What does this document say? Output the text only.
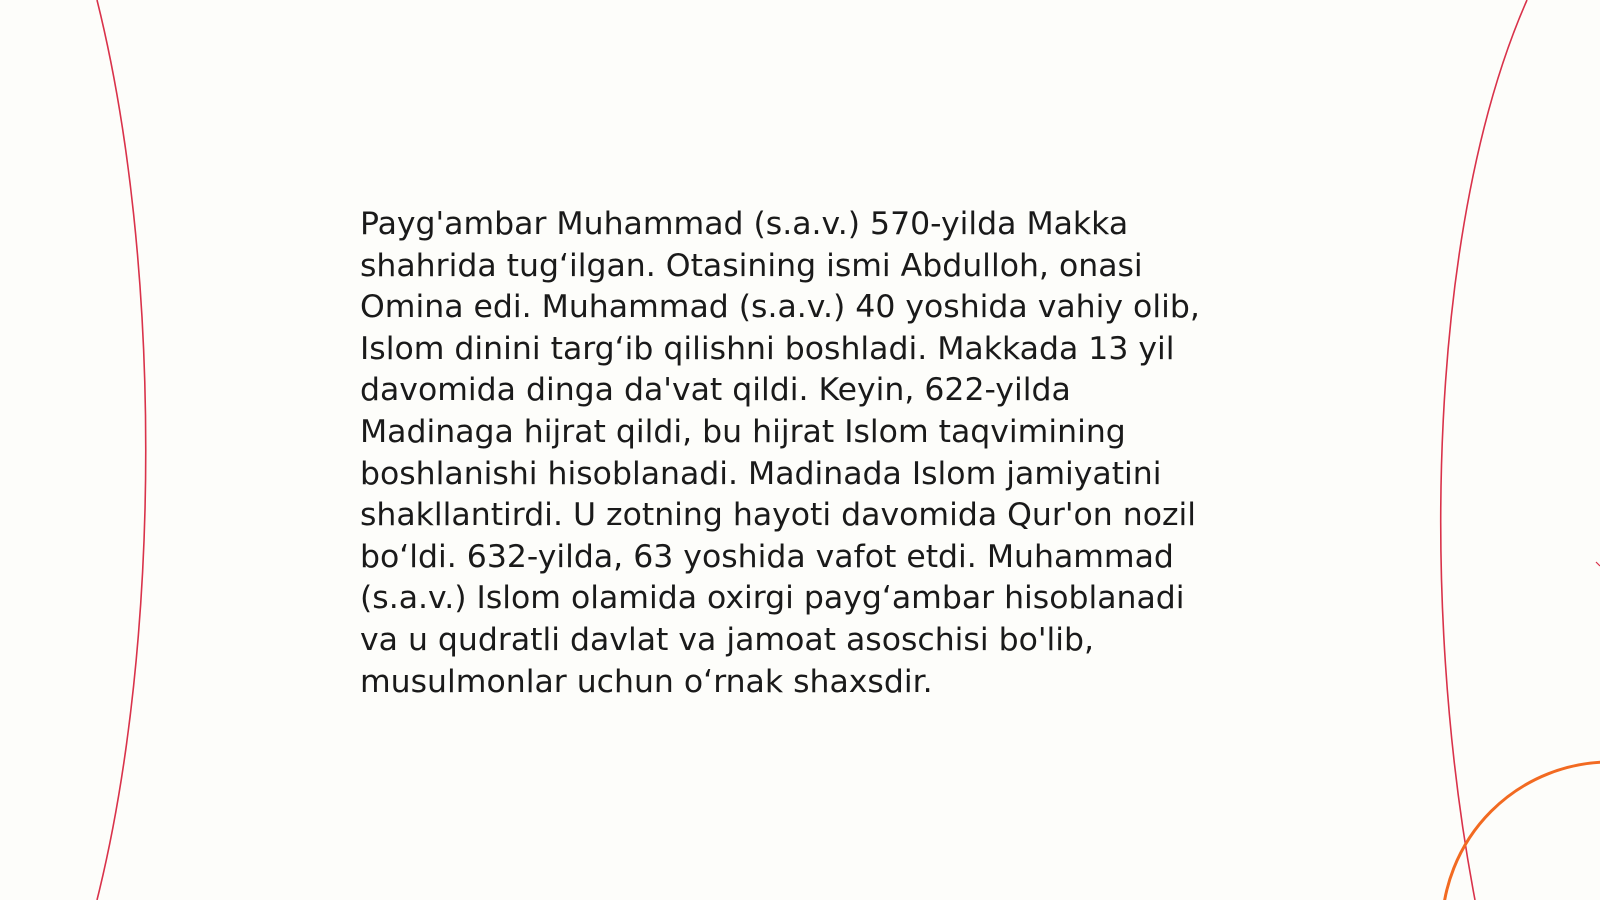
Payg'ambar Muhammad (s.a.v.) 570-yilda Makka
shahrida tug‘ilgan. Otasining ismi Abdulloh, onasi
Omina edi. Muhammad (s.a.v.) 40 yoshida vahiy olib,
Islom dinini targ‘ib qilishni boshladi. Makkada 13 yil
davomida dinga da'vat qildi. Keyin, 622-yilda
Madinaga hijrat qildi, bu hijrat Islom taqvimining
boshlanishi hisoblanadi. Madinada Islom jamiyatini
shakllantirdi. U zotning hayoti davomida Qur'on nozil
bo‘ldi. 632-yilda, 63 yoshida vafot etdi. Muhammad
(s.a.v.) Islom olamida oxirgi payg‘ambar hisoblanadi
va u qudratli davlat va jamoat asoschisi bo'lib,
musulmonlar uchun o‘rnak shaxsdir.
